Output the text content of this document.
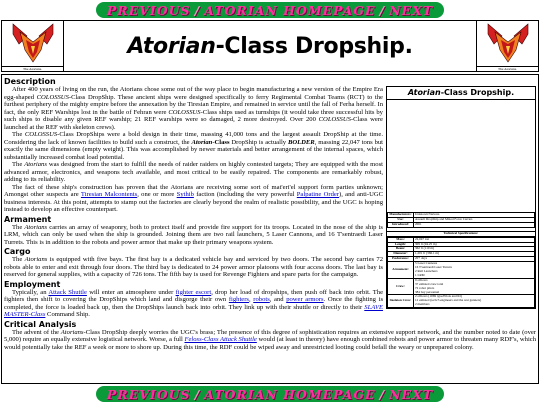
PREVIOUS / ATORIAN HOMEPAGE / NEXT
The Atorians.
Atorian -Class Dropship.
The Atorians.
Description
Atorian-Class Dropship.
Manufacturers:	Unknown/Various.
Use:	Assault DropShip and Mixed Force Carrier.
Introduced:	2061
Technical Specifications:
Mass:	22,047 ton
Length:	309 ft (94.25 m)
Beam:	362 ft (110 m)
Diameter:	1,201 ft (366.1 m)
Endurance:	20+ days
Armament:	5 Laser Cannons
16 T'sentraedi Laser Turrets
2 Rail Launchers
1 LRM

Crew:	9 officers
37 enlisted crew total
72 robot pilots
384 bay personnel

Skeleton Crew:	2 officers (1069 type/Pilots and IO)
12 enlisted (tech/3 engineers and the rest gunners)
2 members

After 400 years of living on the run, the Atorians chose some out of the way place to begin manufacturing a new version of the Empire Era egg-shaped COLOSSUS-Class DropShip. These ancient ships were designed specifically to ferry Regimental Combat Teams (RCT) to the furthest periphery of the mighty empire before the annexation by the Tiresian Empire, and remained in service until the fall of Ferha herself. In fact, the only REF Warships lost in the battle of Fehran were COLOSSUS-Class ships used as turnships (it would take three successful hits by such ships to disable any given REF warship; 21 REF warships were so damaged, 2 more destroyed. Over 200 COLOSSUS-Class were launched at the REF with skeleton crews).

The COLOSSUS-Class DropShips were a bold design in their time, massing 41,000 tons and the largest assault DropShip at the time. Considering the lack of known facilities to build such a construct, the Atorian-Class DropShip is actually BOLDER, massing 22,047 tons but exactly the same dimensions (empty weight). This was accomplished by newer materials and better arrangement of the internal spaces, which substantially increased combat load potential.

The Atorians was designed from the start to fulfill the needs of raider raiders on highly contested targets; They are equipped with the most advanced armor, electronics, and weapons tech available, and most critical to be easily repaired. The components are remarkably robust, adding to its reliability.

The fact of these ship's construction has proven that the Atorians are receiving some sort of mat'eri'el support form parties unknown; Amongst other suspects are Tiresian Malcontents, one or more Sythib faction (including the very powerful Palpatine Order), and anti-UGC business interests. At this point, attempts to stamp out the factories are clearly beyond the realm of realistic possibility, and the UGC is hoping instead to develop an effective counterpart.

Armament

The Atorians carries an array of weaponry, both to protect itself and provide fire support for its troops. Located in the nose of the ship is LRM, which can only be used when the ship is grounded. Joining them are two rail launchers, 5 Laser Cannons, and 16 T'sentraedi Laser Turrets. This is in addition to the robots and power armor that make up their primary weapons system.

Cargo

The Atorians is equipped with five bays. The first bay is a dedicated vehicle bay and serviced by two doors. The second bay carries 72 robots able to enter and exit through four doors. The third bay is dedicated to 24 power armor platoons with four access doors. The last bay is reserved for general supplies, with a capacity of 726 tons. The fifth bay is used for Revenge Fighters and spare parts for the campaign.

Employment

Typically, an Attack Shuttle will enter an atmosphere under fighter escort, drop her load of dropships, then push off back into orbit. The fighters then shift to covering the DropShips which land and disgorge their own fighters, robots, and power armors. Once the fighting is completed, the force is loaded back up, then the DropShips launch back into orbit. They link up with their shuttle or directly to their SLAVE MASTER-Class Command Ship.

Critical Analysis

The advent of the Atorians-Class DropShip deeply worries the UGC's brass; The presence of this degree of sophistication requires an extensive support network, and the number noted to date (over 5,000) require an equally extensive logistical network. Worse, a full Feloss-Class Attack Shuttle would (at least in theory) have enough combined robots and power armor to threaten many RDF's, which would potentially take the REF a week or more to shore up. During this time, the RDF could be wiped away and unrestricted looting could befall the weary or unprepared colony.

PREVIOUS / ATORIAN HOMEPAGE / NEXT
